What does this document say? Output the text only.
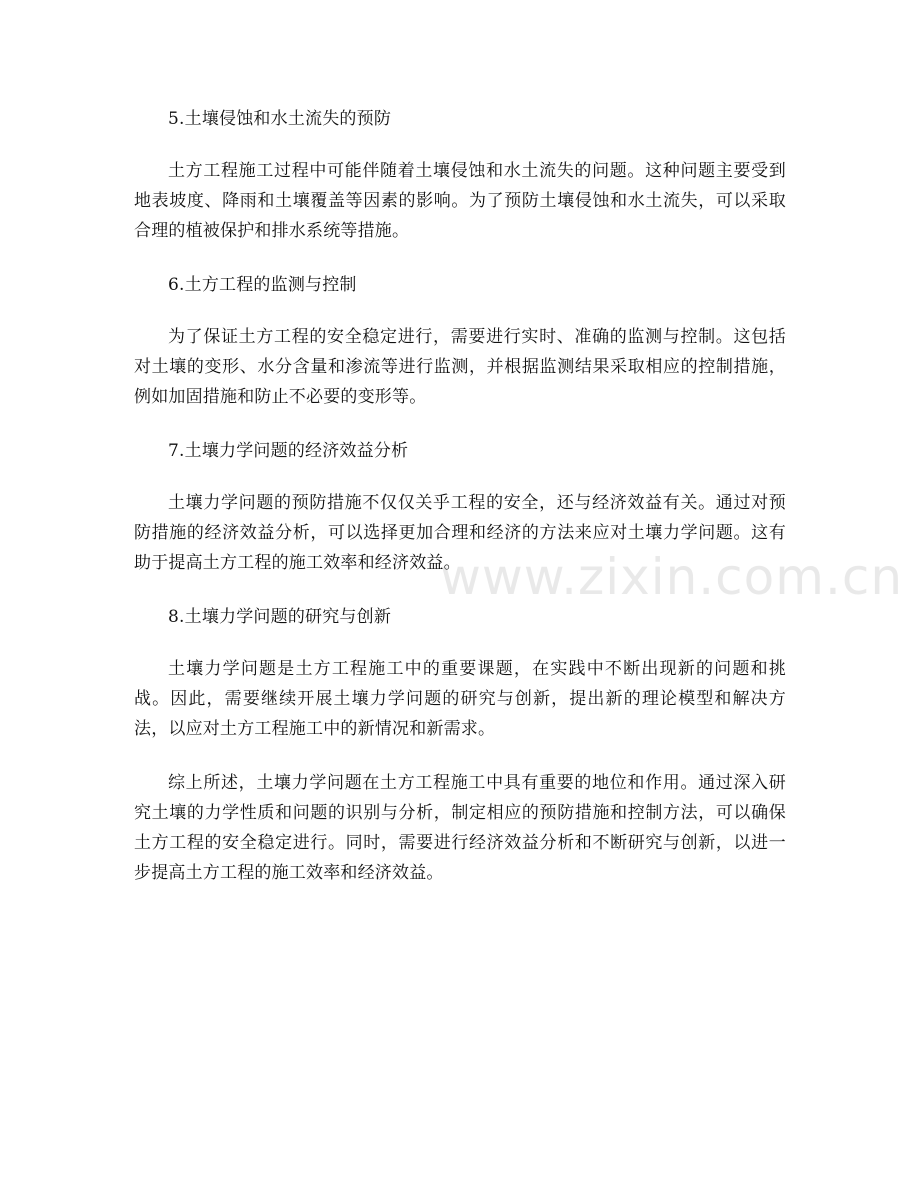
5.土壤侵蚀和水土流失的预防

土方工程施工过程中可能伴随着土壤侵蚀和水土流失的问题。这种问题主要受到地表坡度、降雨和土壤覆盖等因素的影响。为了预防土壤侵蚀和水土流失，可以采取合理的植被保护和排水系统等措施。

6.土方工程的监测与控制

为了保证土方工程的安全稳定进行，需要进行实时、准确的监测与控制。这包括对土壤的变形、水分含量和渗流等进行监测，并根据监测结果采取相应的控制措施，例如加固措施和防止不必要的变形等。

7.土壤力学问题的经济效益分析

土壤力学问题的预防措施不仅仅关乎工程的安全，还与经济效益有关。通过对预防措施的经济效益分析，可以选择更加合理和经济的方法来应对土壤力学问题。这有助于提高土方工程的施工效率和经济效益。

8.土壤力学问题的研究与创新

土壤力学问题是土方工程施工中的重要课题，在实践中不断出现新的问题和挑战。因此，需要继续开展土壤力学问题的研究与创新，提出新的理论模型和解决方法，以应对土方工程施工中的新情况和新需求。

综上所述，土壤力学问题在土方工程施工中具有重要的地位和作用。通过深入研究土壤的力学性质和问题的识别与分析，制定相应的预防措施和控制方法，可以确保土方工程的安全稳定进行。同时，需要进行经济效益分析和不断研究与创新，以进一步提高土方工程的施工效率和经济效益。

www.zixin.com.cn
